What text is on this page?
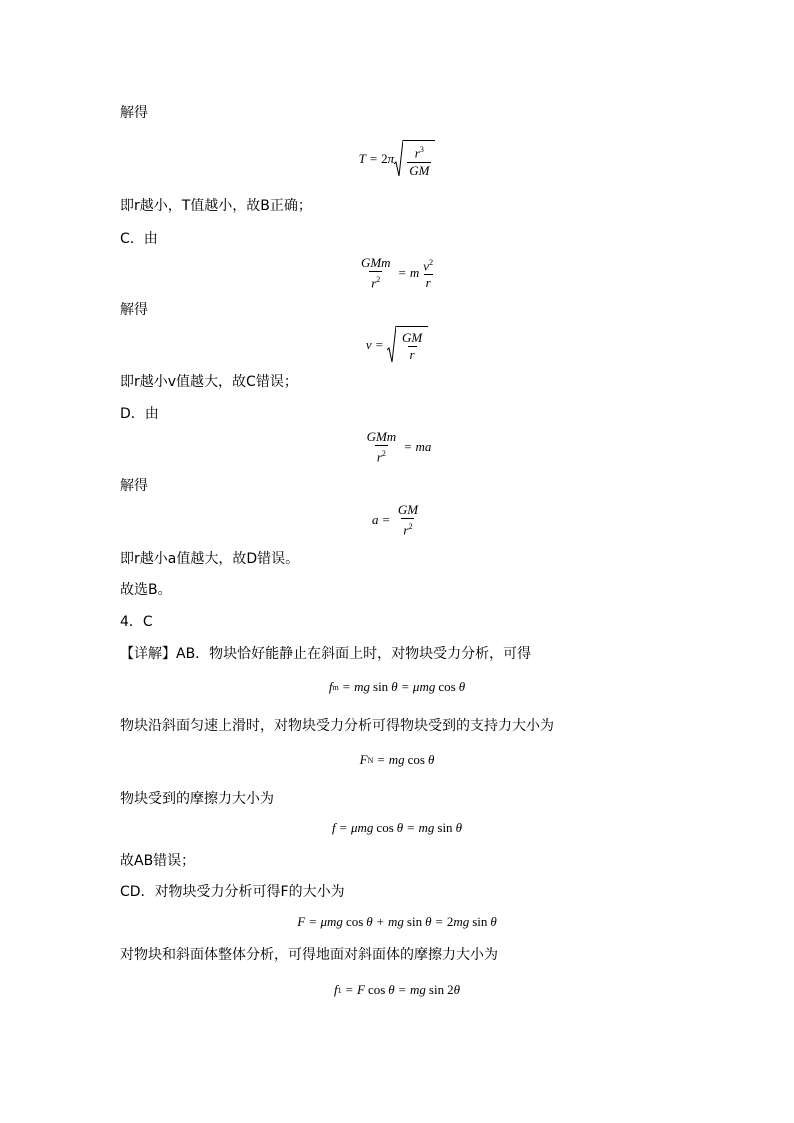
解得
$T = 2\pi \frac{r^3}{GM}$
即r越小，T值越小，故B正确；
C．由
$\frac{\text{GMm}}{r^2} = m \frac{v^2}{r}$
解得
$v = \frac{GM}{r}$
即r越小v值越大，故C错误；
D．由
$\frac{\text{GMm}}{r^2}$ = ma
解得
$a = \frac{GM}{r^2}$
即r越小a值越大，故D错误。
故选B。
4．C
【详解】AB．物块恰好能静止在斜面上时，对物块受力分析，可得
f m = mg sin θ = μmg cos θ
物块沿斜面匀速上滑时，对物块受力分析可得物块受到的支持力大小为
F N = mg cos θ
物块受到的摩擦力大小为
f = μmg cos θ = mg sin θ
故AB错误；
CD．对物块受力分析可得F的大小为
F = μmg cos θ + mg sin θ = 2 mg sin θ
对物块和斜面体整体分析，可得地面对斜面体的摩擦力大小为
f 1 = F cos θ = mg sin 2 θ
